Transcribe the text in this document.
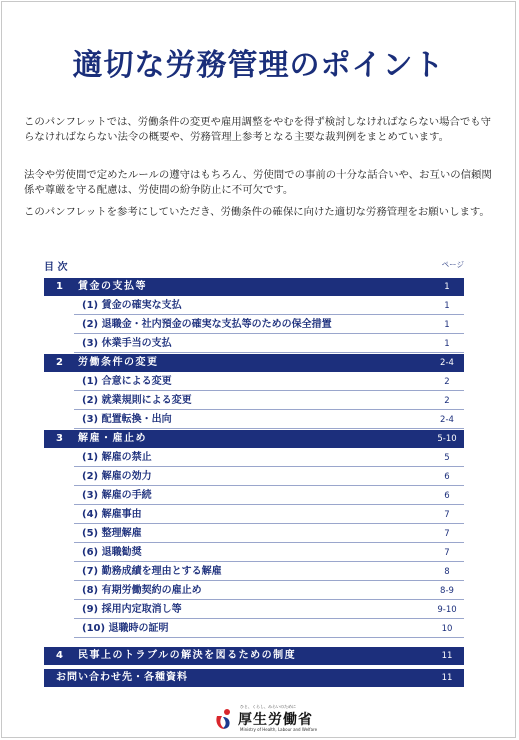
適切な労務管理のポイント

このパンフレットでは、労働条件の変更や雇用調整をやむを得ず検討しなければならない場合でも守らなければならない法令の概要や、労務管理上参考となる主要な裁判例をまとめています。

法令や労使間で定めたルールの遵守はもちろん、労使間での事前の十分な話合いや、お互いの信頼関係や尊厳を守る配慮は、労使間の紛争防止に不可欠です。

このパンフレットを参考にしていただき、労働条件の確保に向けた適切な労務管理をお願いします。

目 次	ページ
1 賃金の支払等	1
(1) 賃金の確実な支払	1
(2) 退職金・社内預金の確実な支払等のための保全措置	1
(3) 休業手当の支払	1
2 労働条件の変更	2-4
(1) 合意による変更	2
(2) 就業規則による変更	2
(3) 配置転換・出向	2-4
3 解雇・雇止め	5-10
(1) 解雇の禁止	5
(2) 解雇の効力	6
(3) 解雇の手続	6
(4) 解雇事由	7
(5) 整理解雇	7
(6) 退職勧奨	7
(7) 勤務成績を理由とする解雇	8
(8) 有期労働契約の雇止め	8-9
(9) 採用内定取消し等	9-10
(10) 退職時の証明	10
4 民事上のトラブルの解決を図るための制度	11
お問い合わせ先・各種資料	11
ひと、くらし、みらいのために
厚生労働省
Ministry of Health, Labour and Welfare
